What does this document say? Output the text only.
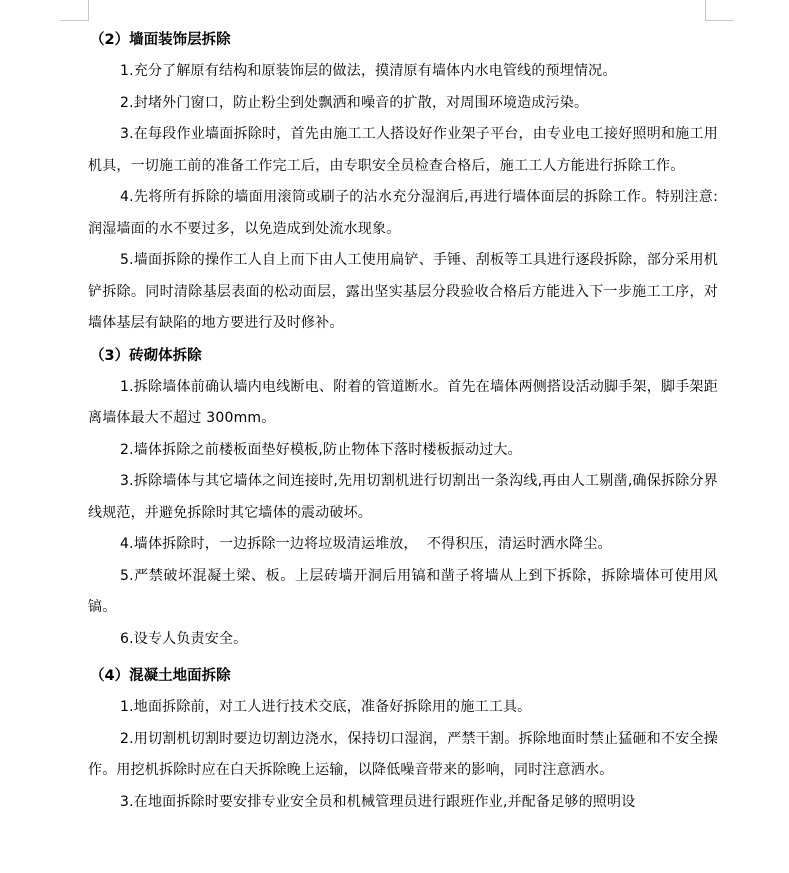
（2）墙面装饰层拆除
1.充分了解原有结构和原装饰层的做法，摸清原有墙体内水电管线的预埋情况。
2.封堵外门窗口，防止粉尘到处飘洒和噪音的扩散，对周围环境造成污染。
3.在每段作业墙面拆除时，首先由施工工人搭设好作业架子平台，由专业电工接好照明和施工用机具，一切施工前的准备工作完工后，由专职安全员检查合格后，施工工人方能进行拆除工作。
4.先将所有拆除的墙面用滚筒或刷子的沾水充分湿润后,再进行墙体面层的拆除工作。特别注意:润湿墙面的水不要过多，以免造成到处流水现象。
5.墙面拆除的操作工人自上而下由人工使用扁铲、手锤、刮板等工具进行逐段拆除，部分采用机铲拆除。同时清除基层表面的松动面层，露出坚实基层分段验收合格后方能进入下一步施工工序，对墙体基层有缺陷的地方要进行及时修补。
（3）砖砌体拆除
1.拆除墙体前确认墙内电线断电、附着的管道断水。首先在墙体两侧搭设活动脚手架，脚手架距离墙体最大不超过 300mm。
2.墙体拆除之前楼板面垫好模板,防止物体下落时楼板振动过大。
3.拆除墙体与其它墙体之间连接时,先用切割机进行切割出一条沟线,再由人工剔凿,确保拆除分界线规范，并避免拆除时其它墙体的震动破坏。
4.墙体拆除时，一边拆除一边将垃圾清运堆放，  不得积压，清运时洒水降尘。
5.严禁破坏混凝土梁、板。上层砖墙开洞后用镐和凿子将墙从上到下拆除，拆除墙体可使用风镐。
6.设专人负责安全。
（4）混凝土地面拆除
1.地面拆除前，对工人进行技术交底，准备好拆除用的施工工具。
2.用切割机切割时要边切割边浇水，保持切口湿润，严禁干割。拆除地面时禁止猛砸和不安全操作。用挖机拆除时应在白天拆除晚上运输，以降低噪音带来的影响，同时注意洒水。
3.在地面拆除时要安排专业安全员和机械管理员进行跟班作业,并配备足够的照明设
